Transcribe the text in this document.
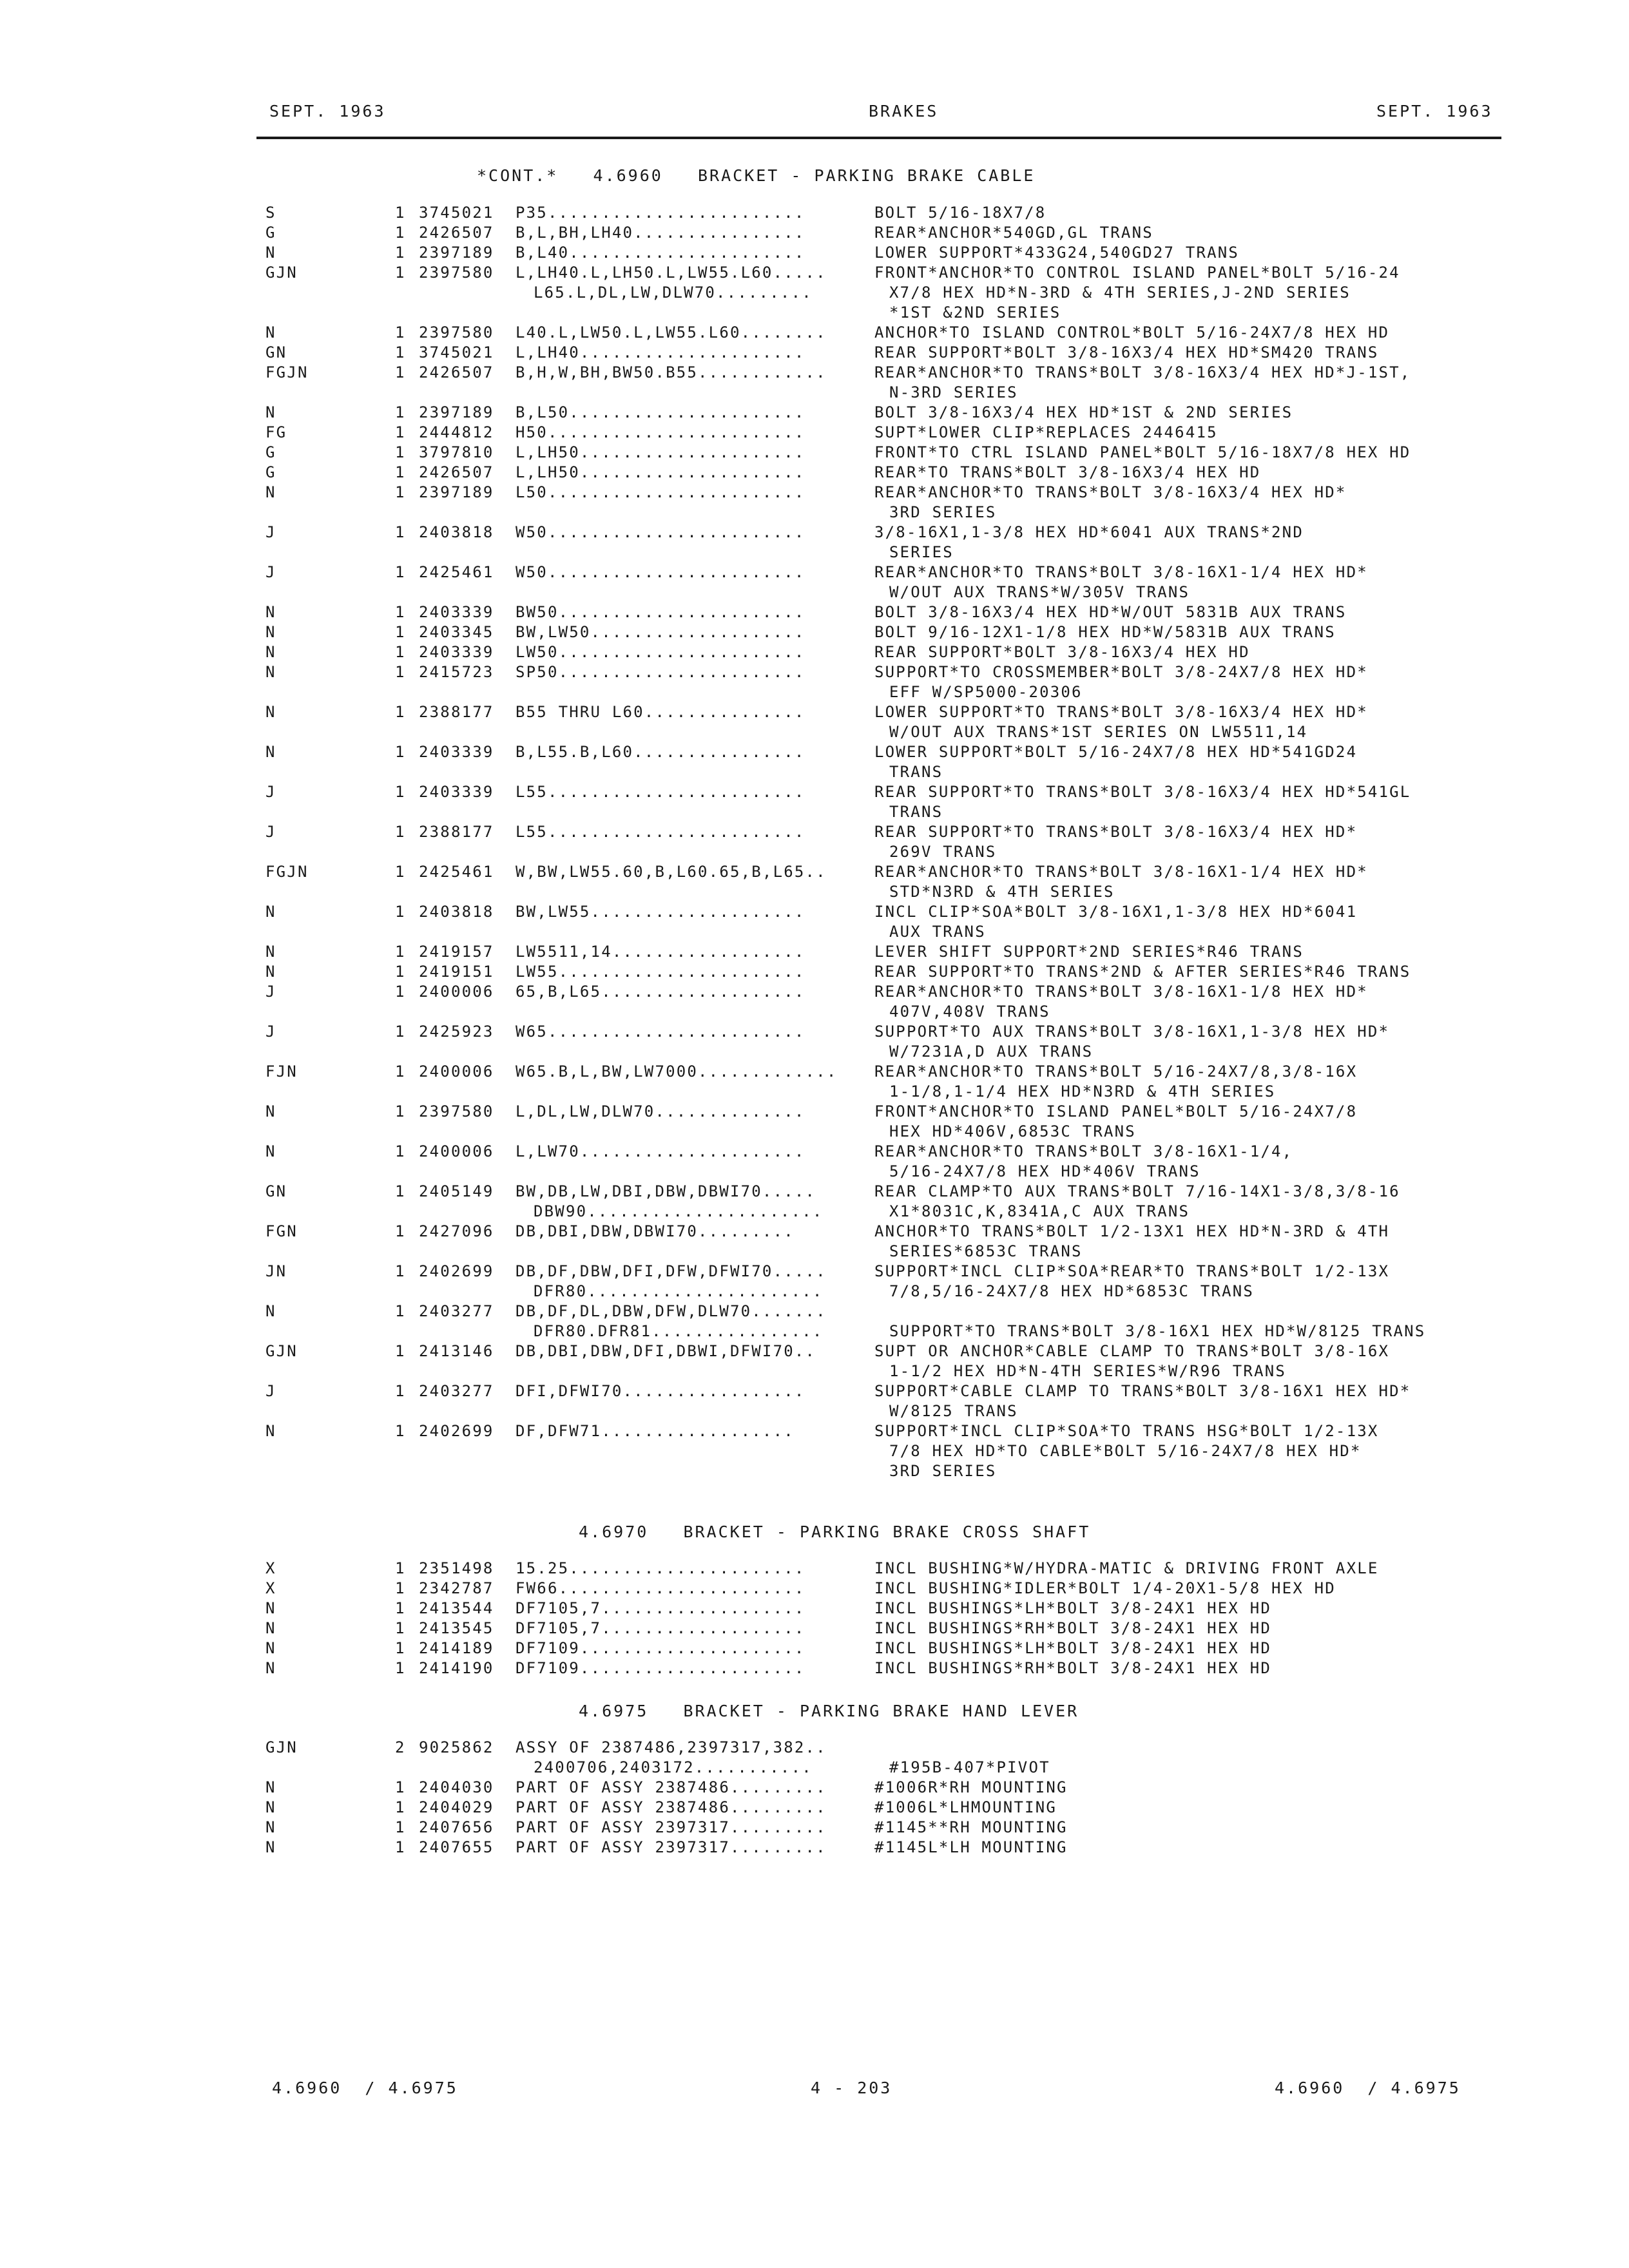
SEPT. 1963	BRAKES	SEPT. 1963
*CONT.*   4.6960   BRACKET - PARKING BRAKE CABLE
S	1 3745021 P35........................	BOLT 5/16-18X7/8
G	1 2426507 B,L,BH,LH40................	REAR*ANCHOR*540GD,GL TRANS
N	1 2397189 B,L40......................	LOWER SUPPORT*433G24,540GD27 TRANS
GJN	1 2397580 L,LH40.L,LH50.L,LW55.L60.....	FRONT*ANCHOR*TO CONTROL ISLAND PANEL*BOLT 5/16-24
L65.L,DL,LW,DLW70.........	X7/8 HEX HD*N-3RD & 4TH SERIES,J-2ND SERIES
*1ST &2ND SERIES
N	1 2397580 L40.L,LW50.L,LW55.L60........	ANCHOR*TO ISLAND CONTROL*BOLT 5/16-24X7/8 HEX HD
GN	1 3745021 L,LH40.....................	REAR SUPPORT*BOLT 3/8-16X3/4 HEX HD*SM420 TRANS
FGJN	1 2426507 B,H,W,BH,BW50.B55............	REAR*ANCHOR*TO TRANS*BOLT 3/8-16X3/4 HEX HD*J-1ST,
N-3RD SERIES
N	1 2397189 B,L50......................	BOLT 3/8-16X3/4 HEX HD*1ST & 2ND SERIES
FG	1 2444812 H50........................	SUPT*LOWER CLIP*REPLACES 2446415
G	1 3797810 L,LH50.....................	FRONT*TO CTRL ISLAND PANEL*BOLT 5/16-18X7/8 HEX HD
G	1 2426507 L,LH50.....................	REAR*TO TRANS*BOLT 3/8-16X3/4 HEX HD
N	1 2397189 L50........................	REAR*ANCHOR*TO TRANS*BOLT 3/8-16X3/4 HEX HD*
3RD SERIES
J	1 2403818 W50........................	3/8-16X1,1-3/8 HEX HD*6041 AUX TRANS*2ND
SERIES
J	1 2425461 W50........................	REAR*ANCHOR*TO TRANS*BOLT 3/8-16X1-1/4 HEX HD*
W/OUT AUX TRANS*W/305V TRANS
N	1 2403339 BW50.......................	BOLT 3/8-16X3/4 HEX HD*W/OUT 5831B AUX TRANS
N	1 2403345 BW,LW50....................	BOLT 9/16-12X1-1/8 HEX HD*W/5831B AUX TRANS
N	1 2403339 LW50.......................	REAR SUPPORT*BOLT 3/8-16X3/4 HEX HD
N	1 2415723 SP50.......................	SUPPORT*TO CROSSMEMBER*BOLT 3/8-24X7/8 HEX HD*
EFF W/SP5000-20306
N	1 2388177 B55 THRU L60...............	LOWER SUPPORT*TO TRANS*BOLT 3/8-16X3/4 HEX HD*
W/OUT AUX TRANS*1ST SERIES ON LW5511,14
N	1 2403339 B,L55.B,L60................	LOWER SUPPORT*BOLT 5/16-24X7/8 HEX HD*541GD24
TRANS
J	1 2403339 L55........................	REAR SUPPORT*TO TRANS*BOLT 3/8-16X3/4 HEX HD*541GL
TRANS
J	1 2388177 L55........................	REAR SUPPORT*TO TRANS*BOLT 3/8-16X3/4 HEX HD*
269V TRANS
FGJN	1 2425461 W,BW,LW55.60,B,L60.65,B,L65..	REAR*ANCHOR*TO TRANS*BOLT 3/8-16X1-1/4 HEX HD*
STD*N3RD & 4TH SERIES
N	1 2403818 BW,LW55....................	INCL CLIP*SOA*BOLT 3/8-16X1,1-3/8 HEX HD*6041
AUX TRANS
N	1 2419157 LW5511,14..................	LEVER SHIFT SUPPORT*2ND SERIES*R46 TRANS
N	1 2419151 LW55.......................	REAR SUPPORT*TO TRANS*2ND & AFTER SERIES*R46 TRANS
J	1 2400006 65,B,L65...................	REAR*ANCHOR*TO TRANS*BOLT 3/8-16X1-1/8 HEX HD*
407V,408V TRANS
J	1 2425923 W65........................	SUPPORT*TO AUX TRANS*BOLT 3/8-16X1,1-3/8 HEX HD*
W/7231A,D AUX TRANS
FJN	1 2400006 W65.B,L,BW,LW7000............. REAR*ANCHOR*TO TRANS*BOLT 5/16-24X7/8,3/8-16X
1-1/8,1-1/4 HEX HD*N3RD & 4TH SERIES
N	1 2397580 L,DL,LW,DLW70..............	FRONT*ANCHOR*TO ISLAND PANEL*BOLT 5/16-24X7/8
HEX HD*406V,6853C TRANS
N	1 2400006 L,LW70.....................	REAR*ANCHOR*TO TRANS*BOLT 3/8-16X1-1/4,
5/16-24X7/8 HEX HD*406V TRANS
GN	1 2405149 BW,DB,LW,DBI,DBW,DBWI70.....	REAR CLAMP*TO AUX TRANS*BOLT 7/16-14X1-3/8,3/8-16
DBW90......................	X1*8031C,K,8341A,C AUX TRANS
FGN	1 2427096 DB,DBI,DBW,DBWI70.........	ANCHOR*TO TRANS*BOLT 1/2-13X1 HEX HD*N-3RD & 4TH
SERIES*6853C TRANS
JN	1 2402699 DB,DF,DBW,DFI,DFW,DFWI70.....	SUPPORT*INCL CLIP*SOA*REAR*TO TRANS*BOLT 1/2-13X
DFR80......................	7/8,5/16-24X7/8 HEX HD*6853C TRANS
N	1 2403277 DB,DF,DL,DBW,DFW,DLW70.......
DFR80.DFR81................	SUPPORT*TO TRANS*BOLT 3/8-16X1 HEX HD*W/8125 TRANS
GJN	1 2413146 DB,DBI,DBW,DFI,DBWI,DFWI70..	SUPT OR ANCHOR*CABLE CLAMP TO TRANS*BOLT 3/8-16X
1-1/2 HEX HD*N-4TH SERIES*W/R96 TRANS
J	1 2403277 DFI,DFWI70.................	SUPPORT*CABLE CLAMP TO TRANS*BOLT 3/8-16X1 HEX HD*
W/8125 TRANS
N	1 2402699 DF,DFW71..................	SUPPORT*INCL CLIP*SOA*TO TRANS HSG*BOLT 1/2-13X
7/8 HEX HD*TO CABLE*BOLT 5/16-24X7/8 HEX HD*
3RD SERIES
4.6970   BRACKET - PARKING BRAKE CROSS SHAFT
X	1 2351498 15.25......................	INCL BUSHING*W/HYDRA-MATIC & DRIVING FRONT AXLE
X	1 2342787 FW66.......................	INCL BUSHING*IDLER*BOLT 1/4-20X1-5/8 HEX HD
N	1 2413544 DF7105,7...................	INCL BUSHINGS*LH*BOLT 3/8-24X1 HEX HD
N	1 2413545 DF7105,7...................	INCL BUSHINGS*RH*BOLT 3/8-24X1 HEX HD
N	1 2414189 DF7109.....................	INCL BUSHINGS*LH*BOLT 3/8-24X1 HEX HD
N	1 2414190 DF7109.....................	INCL BUSHINGS*RH*BOLT 3/8-24X1 HEX HD
4.6975   BRACKET - PARKING BRAKE HAND LEVER
GJN	2 9025862 ASSY OF 2387486,2397317,382..
2400706,2403172...........	#195B-407*PIVOT
N	1 2404030 PART OF ASSY 2387486.........	#1006R*RH MOUNTING
N	1 2404029 PART OF ASSY 2387486.........	#1006L*LHMOUNTING
N	1 2407656 PART OF ASSY 2397317.........	#1145**RH MOUNTING
N	1 2407655 PART OF ASSY 2397317.........	#1145L*LH MOUNTING
4.6960  / 4.6975	4 - 203	4.6960  / 4.6975
